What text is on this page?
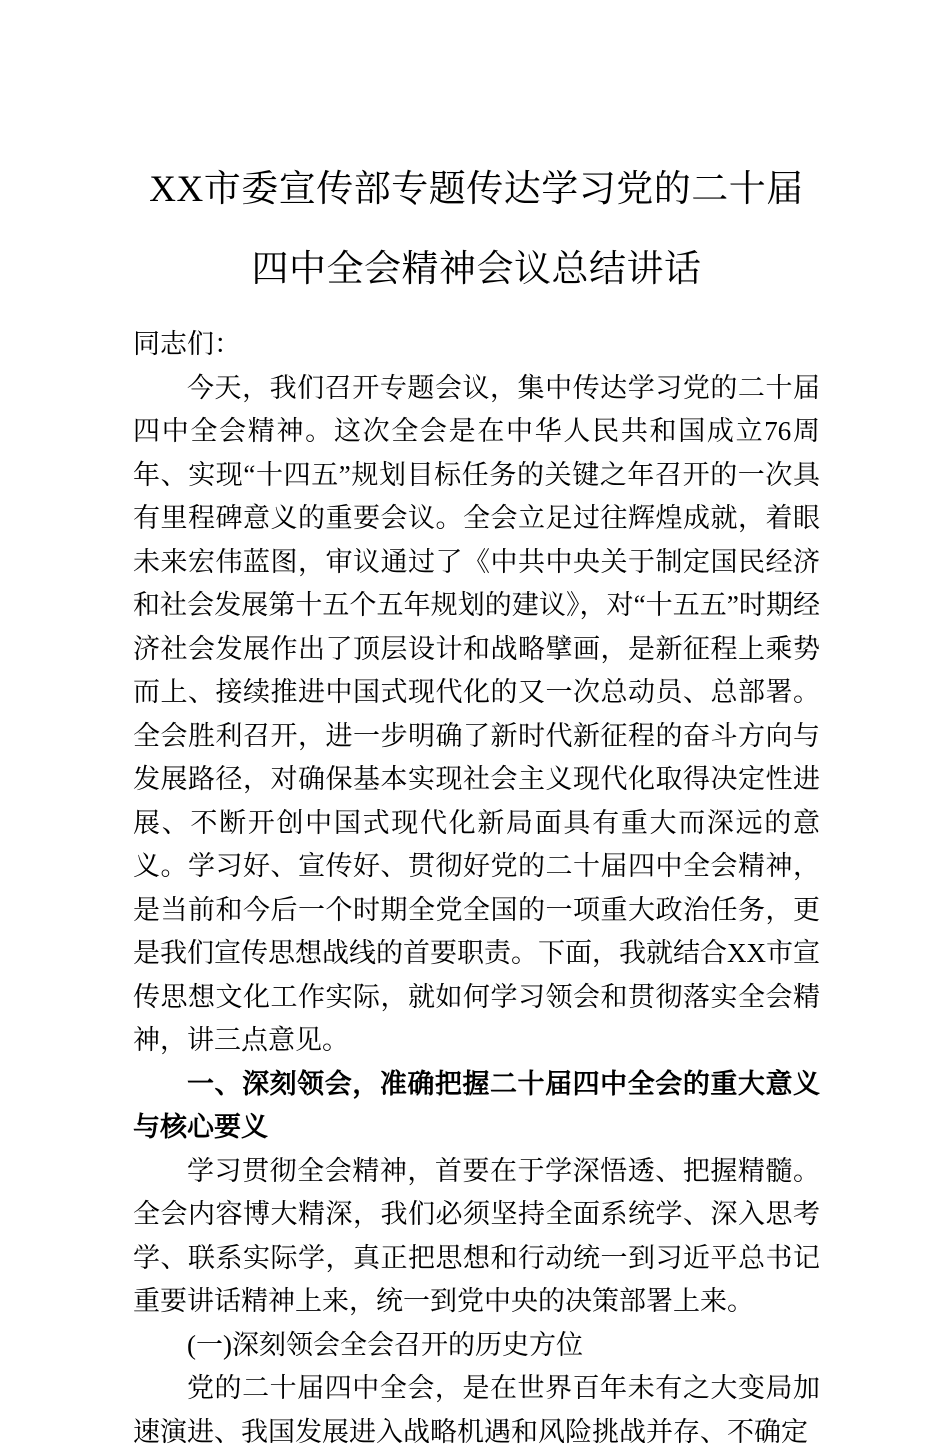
XX市委宣传部专题传达学习党的二十届四中全会精神会议总结讲话

同志们：

今天，我们召开专题会议，集中传达学习党的二十届四中全会精神。这次全会是在中华人民共和国成立76周年、实现“十四五”规划目标任务的关键之年召开的一次具有里程碑意义的重要会议。全会立足过往辉煌成就，着眼未来宏伟蓝图，审议通过了《中共中央关于制定国民经济和社会发展第十五个五年规划的建议》，对“十五五”时期经济社会发展作出了顶层设计和战略擘画，是新征程上乘势而上、接续推进中国式现代化的又一次总动员、总部署。全会胜利召开，进一步明确了新时代新征程的奋斗方向与发展路径，对确保基本实现社会主义现代化取得决定性进展、不断开创中国式现代化新局面具有重大而深远的意义。学习好、宣传好、贯彻好党的二十届四中全会精神，是当前和今后一个时期全党全国的一项重大政治任务，更是我们宣传思想战线的首要职责。下面，我就结合XX市宣传思想文化工作实际，就如何学习领会和贯彻落实全会精神，讲三点意见。

一、深刻领会，准确把握二十届四中全会的重大意义与核心要义

学习贯彻全会精神，首要在于学深悟透、把握精髓。全会内容博大精深，我们必须坚持全面系统学、深入思考学、联系实际学，真正把思想和行动统一到习近平总书记重要讲话精神上来，统一到党中央的决策部署上来。

(一)深刻领会全会召开的历史方位

党的二十届四中全会，是在世界百年未有之大变局加速演进、我国发展进入战略机遇和风险挑战并存、不确定
